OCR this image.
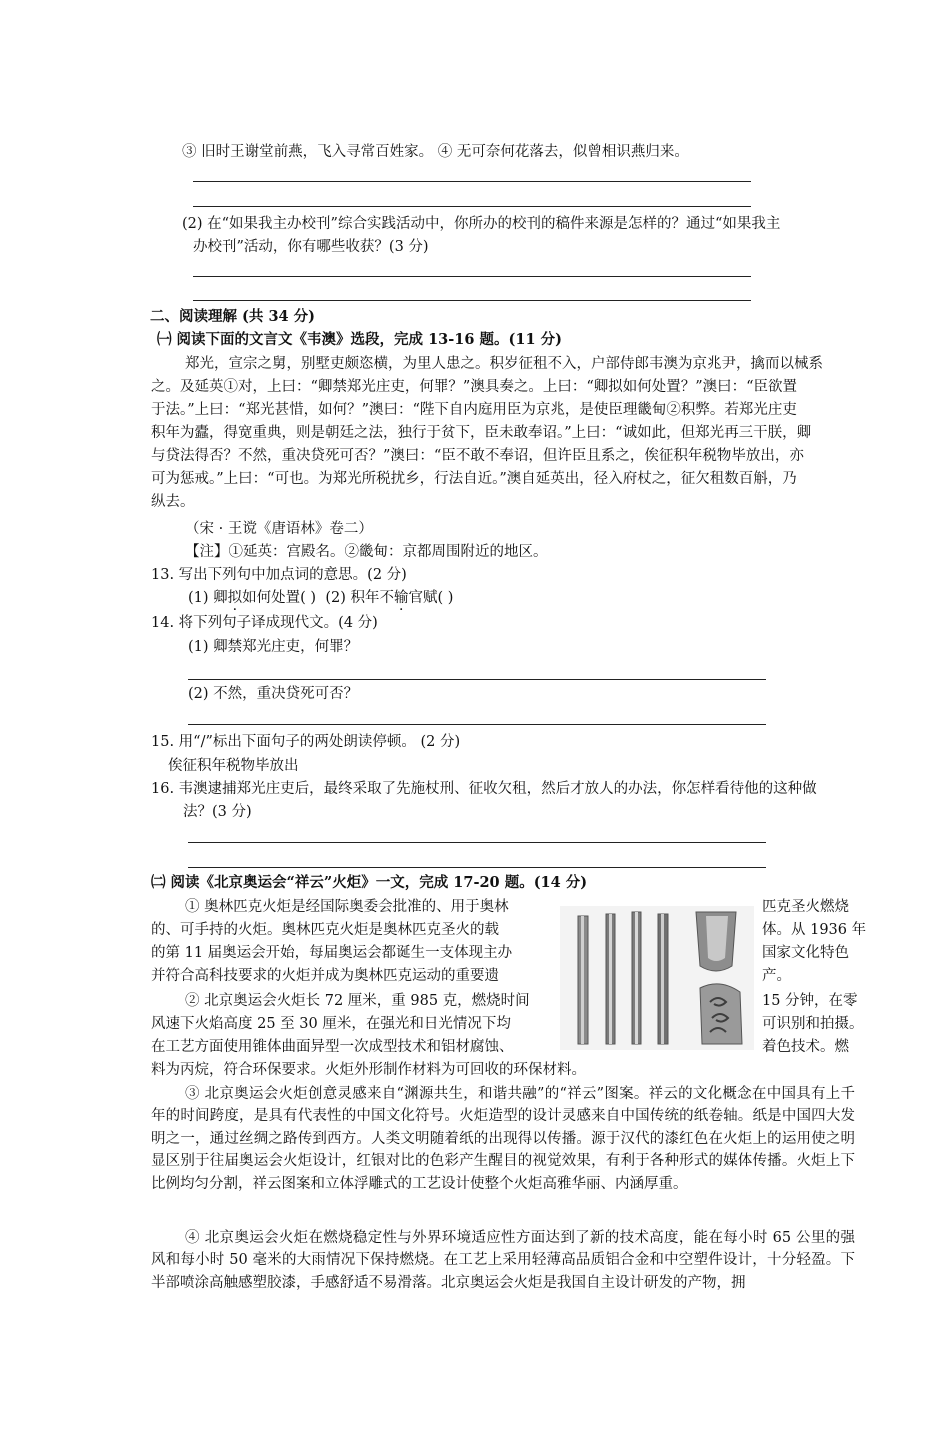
③ 旧时王谢堂前燕，飞入寻常百姓家。 ④ 无可奈何花落去，似曾相识燕归来。
(2) 在“如果我主办校刊”综合实践活动中，你所办的校刊的稿件来源是怎样的？通过“如果我主
办校刊”活动，你有哪些收获？(3 分)
二、阅读理解 (共 34 分)
㈠ 阅读下面的文言文《韦澳》选段，完成 13-16 题。(11 分)
郑光，宣宗之舅，别墅吏颇恣横，为里人患之。积岁征租不入，户部侍郎韦澳为京兆尹，擒而以械系
之。及延英①对，上曰：“卿禁郑光庄吏，何罪？”澳具奏之。上曰：“卿拟如何处置？”澳曰：“臣欲置
于法。”上曰：“郑光甚惜，如何？”澳曰：“陛下自内庭用臣为京兆，是使臣理畿甸②积弊。若郑光庄吏
积年为蠹，得宽重典，则是朝廷之法，独行于贫下，臣未敢奉诏。”上曰：“诚如此，但郑光再三干朕，卿
与贷法得否？不然，重决贷死可否？”澳曰：“臣不敢不奉诏，但许臣且系之，俟征积年税物毕放出，亦
可为惩戒。”上曰：“可也。为郑光所税扰乡，行法自近。”澳自延英出，径入府杖之，征欠租数百斛，乃
纵去。
（宋 · 王谠《唐语林》卷二）
【注】①延英：宫殿名。②畿甸：京都周围附近的地区。
13. 写出下列句中加点词的意思。(2 分)
(1) 卿拟如何处置( ) (2) 积年不输官赋( )
14. 将下列句子译成现代文。(4 分)
(1) 卿禁郑光庄吏，何罪？
(2) 不然，重决贷死可否？
15. 用“/”标出下面句子的两处朗读停顿。 (2 分)
俟征积年税物毕放出
16. 韦澳逮捕郑光庄吏后，最终采取了先施杖刑、征收欠租，然后才放人的办法，你怎样看待他的这种做
法？(3 分)
㈡ 阅读《北京奥运会“祥云”火炬》一文，完成 17-20 题。(14 分)
① 奥林匹克火炬是经国际奥委会批准的、用于奥林	匹克圣火燃烧
的、可手持的火炬。奥林匹克火炬是奥林匹克圣火的载	体。从 1936 年
的第 11 届奥运会开始，每届奥运会都诞生一支体现主办	国家文化特色
并符合高科技要求的火炬并成为奥林匹克运动的重要遗	产。
② 北京奥运会火炬长 72 厘米，重 985 克，燃烧时间	15 分钟，在零
风速下火焰高度 25 至 30 厘米，在强光和日光情况下均	可识别和拍摄。
在工艺方面使用锥体曲面异型一次成型技术和铝材腐蚀、	着色技术。燃
料为丙烷，符合环保要求。火炬外形制作材料为可回收的环保材料。
③ 北京奥运会火炬创意灵感来自“渊源共生，和谐共融”的“祥云”图案。祥云的文化概念在中国具有上千年的时间跨度，是具有代表性的中国文化符号。火炬造型的设计灵感来自中国传统的纸卷轴。纸是中国四大发明之一，通过丝绸之路传到西方。人类文明随着纸的出现得以传播。源于汉代的漆红色在火炬上的运用使之明显区别于往届奥运会火炬设计，红银对比的色彩产生醒目的视觉效果，有利于各种形式的媒体传播。火炬上下比例均匀分割，祥云图案和立体浮雕式的工艺设计使整个火炬高雅华丽、内涵厚重。
④ 北京奥运会火炬在燃烧稳定性与外界环境适应性方面达到了新的技术高度，能在每小时 65 公里的强风和每小时 50 毫米的大雨情况下保持燃烧。在工艺上采用轻薄高品质铝合金和中空塑件设计，十分轻盈。下半部喷涂高触感塑胶漆，手感舒适不易滑落。北京奥运会火炬是我国自主设计研发的产物，拥
